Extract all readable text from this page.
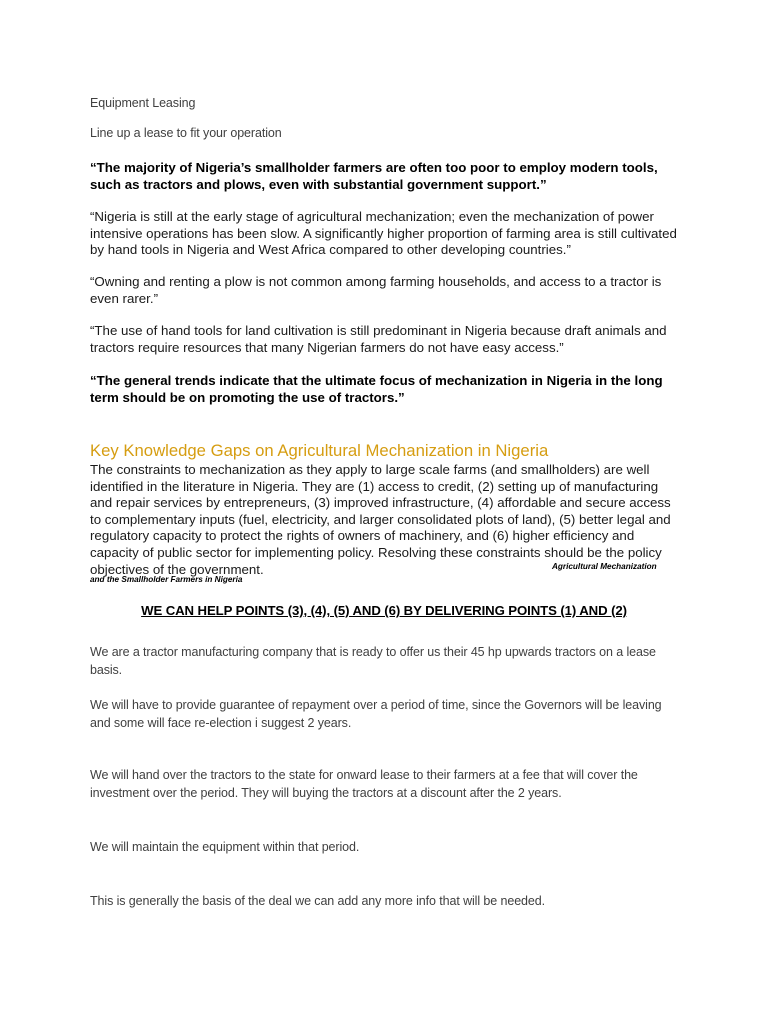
Equipment Leasing

Line up a lease to fit your operation

“The majority of Nigeria’s smallholder farmers are often too poor to employ modern tools, such as tractors and plows, even with substantial government support.”

“Nigeria is still at the early stage of agricultural mechanization; even the mechanization of power intensive operations has been slow. A significantly higher proportion of farming area is still cultivated by hand tools in Nigeria and West Africa compared to other developing countries.”

“Owning and renting a plow is not common among farming households, and access to a tractor is even rarer.”

“The use of hand tools for land cultivation is still predominant in Nigeria because draft animals and tractors require resources that many Nigerian farmers do not have easy access.”

“The general trends indicate that the ultimate focus of mechanization in Nigeria in the long term should be on promoting the use of tractors.”

Key Knowledge Gaps on Agricultural Mechanization in Nigeria

The constraints to mechanization as they apply to large scale farms (and smallholders) are well identified in the literature in Nigeria. They are (1) access to credit, (2) setting up of manufacturing and repair services by entrepreneurs, (3) improved infrastructure, (4) affordable and secure access to complementary inputs (fuel, electricity, and larger consolidated plots of land), (5) better legal and regulatory capacity to protect the rights of owners of machinery, and (6) higher efficiency and capacity of public sector for implementing policy. Resolving these constraints should be the policy objectives of the government.	Agricultural Mechanization
and the Smallholder Farmers in Nigeria
WE CAN HELP POINTS (3), (4), (5) AND (6) BY DELIVERING POINTS (1) AND (2)

We are a tractor manufacturing company that is ready to offer us their 45 hp upwards tractors on a lease basis.

We will have to provide guarantee of repayment over a period of time, since the Governors will be leaving and some will face re-election i suggest 2 years.

We will hand over the tractors to the state for onward lease to their farmers at a fee that will cover the investment over the period. They will buying the tractors at a discount after the 2 years.

We will maintain the equipment within that period.

This is generally the basis of the deal we can add any more info that will be needed.
